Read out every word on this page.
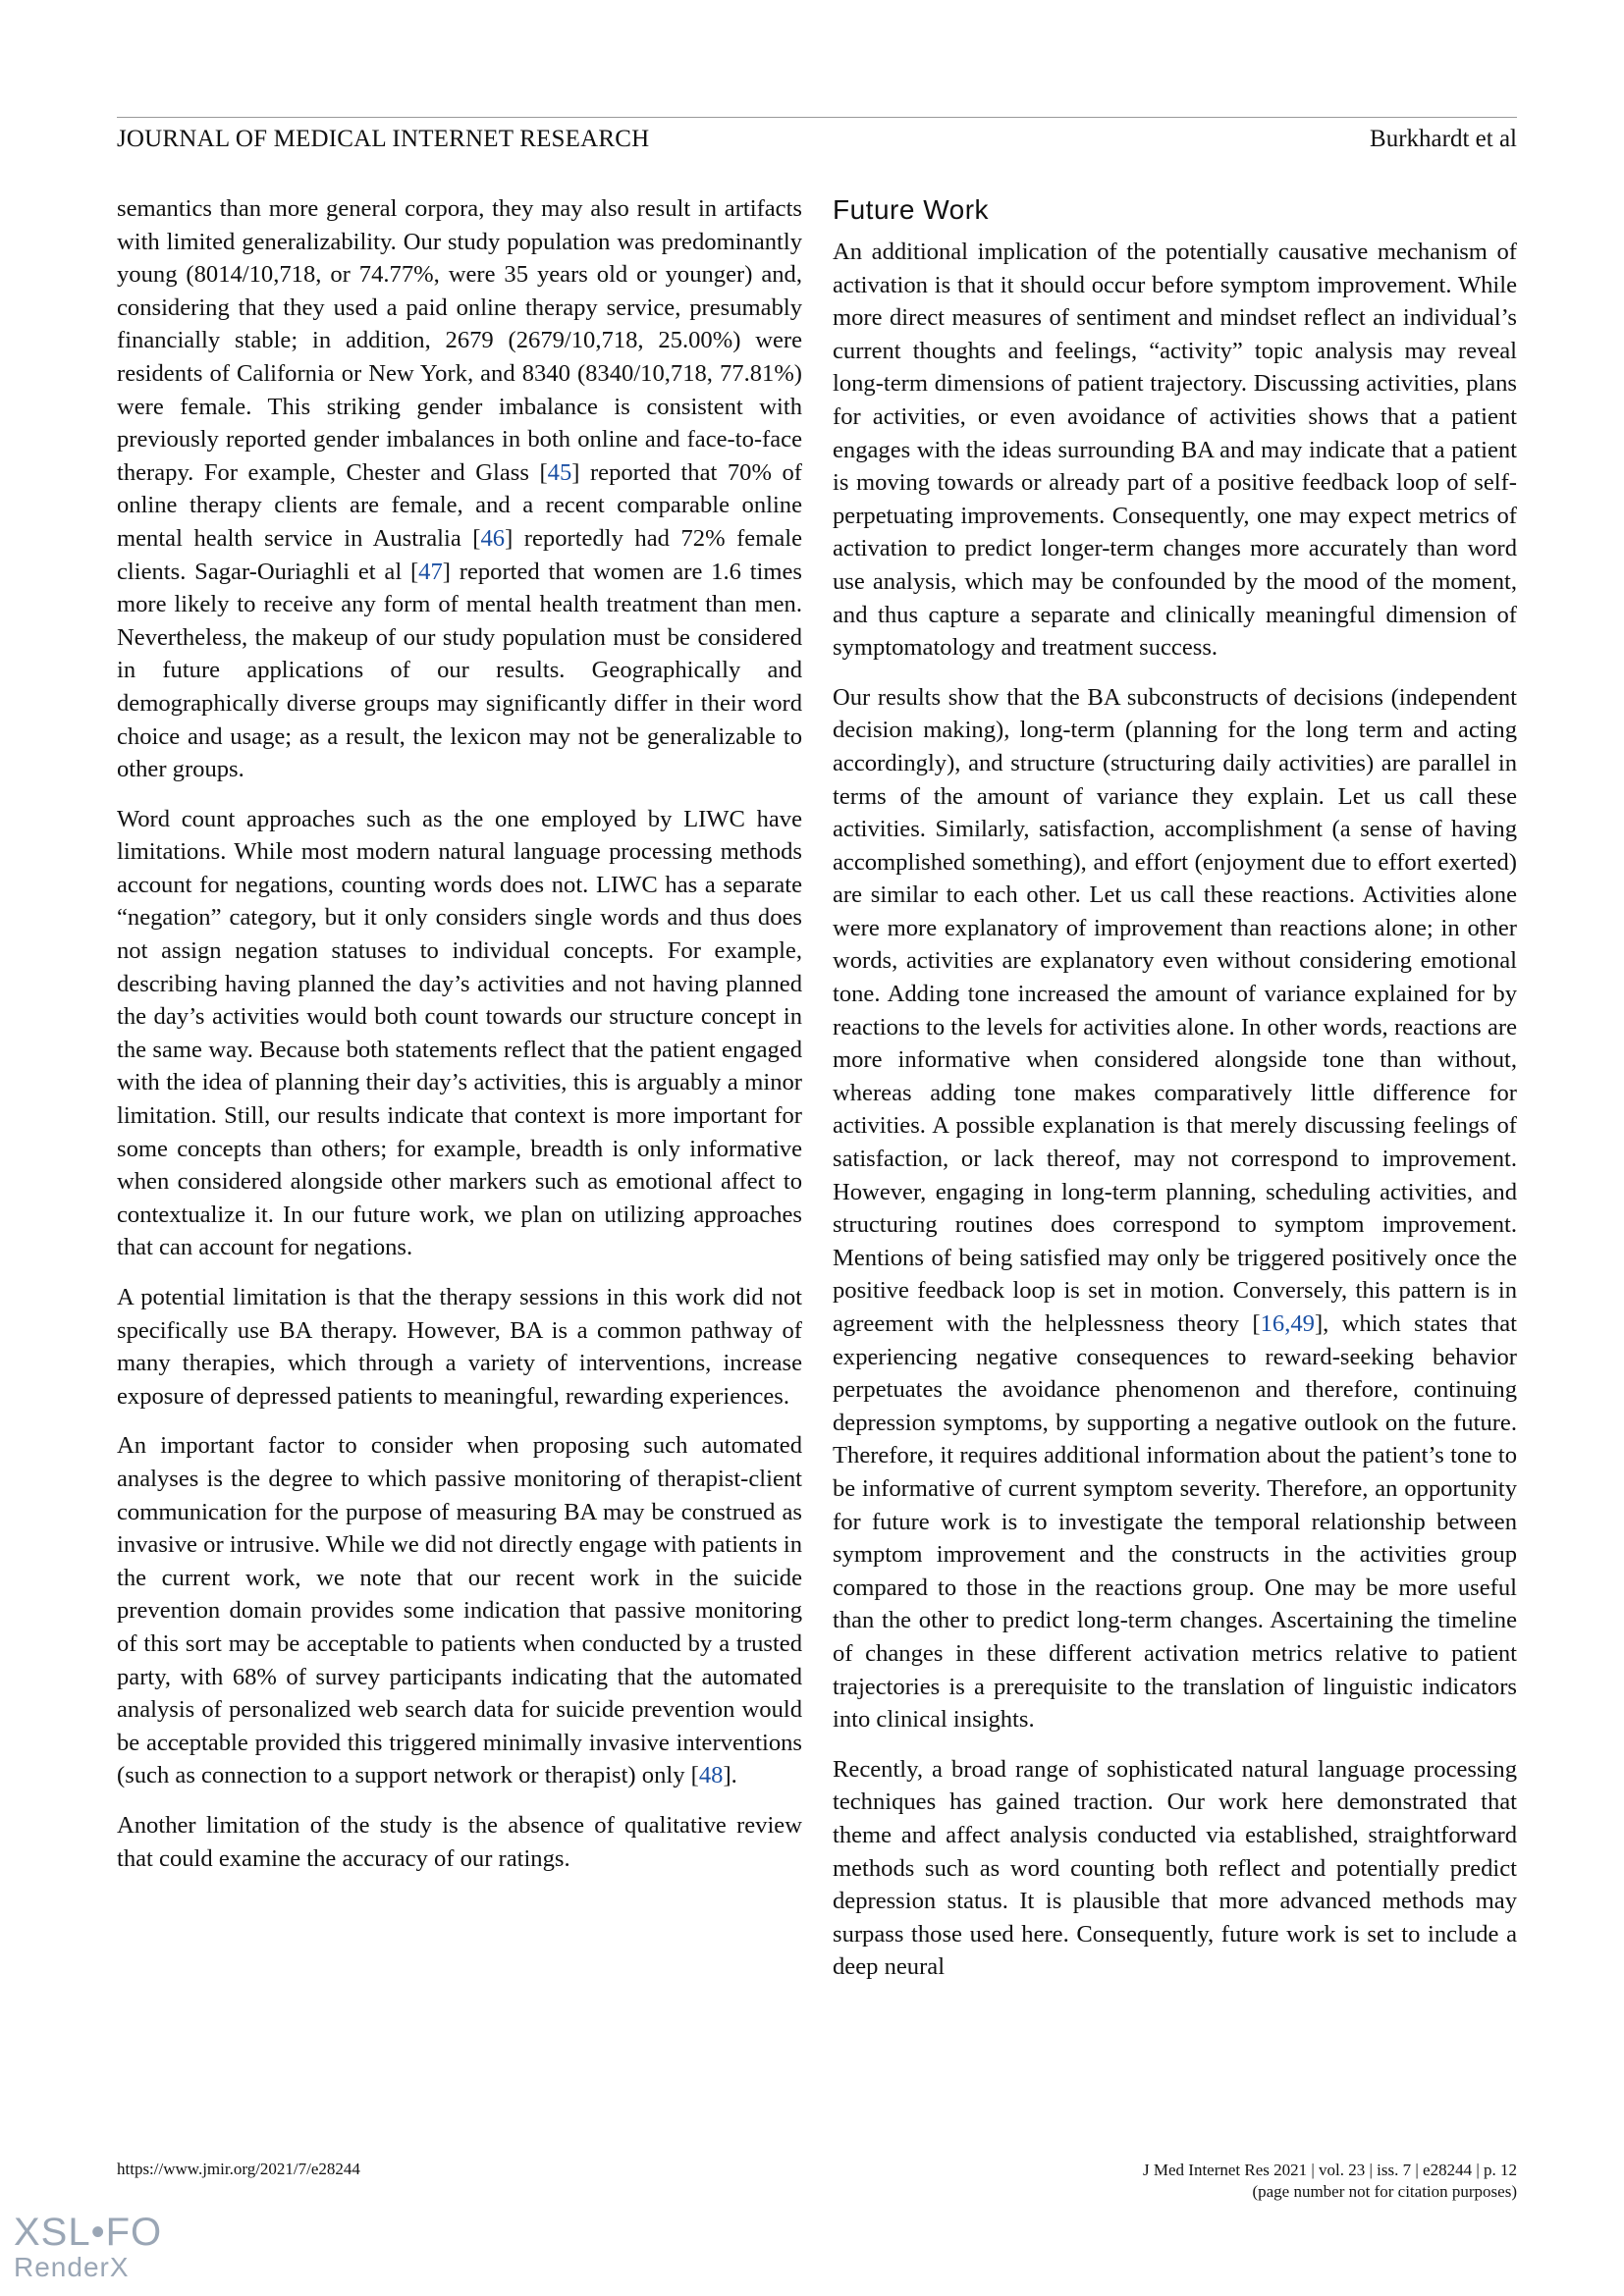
JOURNAL OF MEDICAL INTERNET RESEARCH	Burkhardt et al

semantics than more general corpora, they may also result in artifacts with limited generalizability. Our study population was predominantly young (8014/10,718, or 74.77%, were 35 years old or younger) and, considering that they used a paid online therapy service, presumably financially stable; in addition, 2679 (2679/10,718, 25.00%) were residents of California or New York, and 8340 (8340/10,718, 77.81%) were female. This striking gender imbalance is consistent with previously reported gender imbalances in both online and face-to-face therapy. For example, Chester and Glass [45] reported that 70% of online therapy clients are female, and a recent comparable online mental health service in Australia [46] reportedly had 72% female clients. Sagar-Ouriaghli et al [47] reported that women are 1.6 times more likely to receive any form of mental health treatment than men. Nevertheless, the makeup of our study population must be considered in future applications of our results. Geographically and demographically diverse groups may significantly differ in their word choice and usage; as a result, the lexicon may not be generalizable to other groups.

Word count approaches such as the one employed by LIWC have limitations. While most modern natural language processing methods account for negations, counting words does not. LIWC has a separate “negation” category, but it only considers single words and thus does not assign negation statuses to individual concepts. For example, describing having planned the day’s activities and not having planned the day’s activities would both count towards our structure concept in the same way. Because both statements reflect that the patient engaged with the idea of planning their day’s activities, this is arguably a minor limitation. Still, our results indicate that context is more important for some concepts than others; for example, breadth is only informative when considered alongside other markers such as emotional affect to contextualize it. In our future work, we plan on utilizing approaches that can account for negations.

A potential limitation is that the therapy sessions in this work did not specifically use BA therapy. However, BA is a common pathway of many therapies, which through a variety of interventions, increase exposure of depressed patients to meaningful, rewarding experiences.

An important factor to consider when proposing such automated analyses is the degree to which passive monitoring of therapist-client communication for the purpose of measuring BA may be construed as invasive or intrusive. While we did not directly engage with patients in the current work, we note that our recent work in the suicide prevention domain provides some indication that passive monitoring of this sort may be acceptable to patients when conducted by a trusted party, with 68% of survey participants indicating that the automated analysis of personalized web search data for suicide prevention would be acceptable provided this triggered minimally invasive interventions (such as connection to a support network or therapist) only [48].

Another limitation of the study is the absence of qualitative review that could examine the accuracy of our ratings.

Future Work

An additional implication of the potentially causative mechanism of activation is that it should occur before symptom improvement. While more direct measures of sentiment and mindset reflect an individual’s current thoughts and feelings, “activity” topic analysis may reveal long-term dimensions of patient trajectory. Discussing activities, plans for activities, or even avoidance of activities shows that a patient engages with the ideas surrounding BA and may indicate that a patient is moving towards or already part of a positive feedback loop of self-perpetuating improvements. Consequently, one may expect metrics of activation to predict longer-term changes more accurately than word use analysis, which may be confounded by the mood of the moment, and thus capture a separate and clinically meaningful dimension of symptomatology and treatment success.

Our results show that the BA subconstructs of decisions (independent decision making), long-term (planning for the long term and acting accordingly), and structure (structuring daily activities) are parallel in terms of the amount of variance they explain. Let us call these activities. Similarly, satisfaction, accomplishment (a sense of having accomplished something), and effort (enjoyment due to effort exerted) are similar to each other. Let us call these reactions. Activities alone were more explanatory of improvement than reactions alone; in other words, activities are explanatory even without considering emotional tone. Adding tone increased the amount of variance explained for by reactions to the levels for activities alone. In other words, reactions are more informative when considered alongside tone than without, whereas adding tone makes comparatively little difference for activities. A possible explanation is that merely discussing feelings of satisfaction, or lack thereof, may not correspond to improvement. However, engaging in long-term planning, scheduling activities, and structuring routines does correspond to symptom improvement. Mentions of being satisfied may only be triggered positively once the positive feedback loop is set in motion. Conversely, this pattern is in agreement with the helplessness theory [16,49], which states that experiencing negative consequences to reward-seeking behavior perpetuates the avoidance phenomenon and therefore, continuing depression symptoms, by supporting a negative outlook on the future. Therefore, it requires additional information about the patient’s tone to be informative of current symptom severity. Therefore, an opportunity for future work is to investigate the temporal relationship between symptom improvement and the constructs in the activities group compared to those in the reactions group. One may be more useful than the other to predict long-term changes. Ascertaining the timeline of changes in these different activation metrics relative to patient trajectories is a prerequisite to the translation of linguistic indicators into clinical insights.

Recently, a broad range of sophisticated natural language processing techniques has gained traction. Our work here demonstrated that theme and affect analysis conducted via established, straightforward methods such as word counting both reflect and potentially predict depression status. It is plausible that more advanced methods may surpass those used here. Consequently, future work is set to include a deep neural

https://www.jmir.org/2021/7/e28244	J Med Internet Res 2021 | vol. 23 | iss. 7 | e28244 | p. 12
(page number not for citation purposes)
XSL•FO
RenderX
